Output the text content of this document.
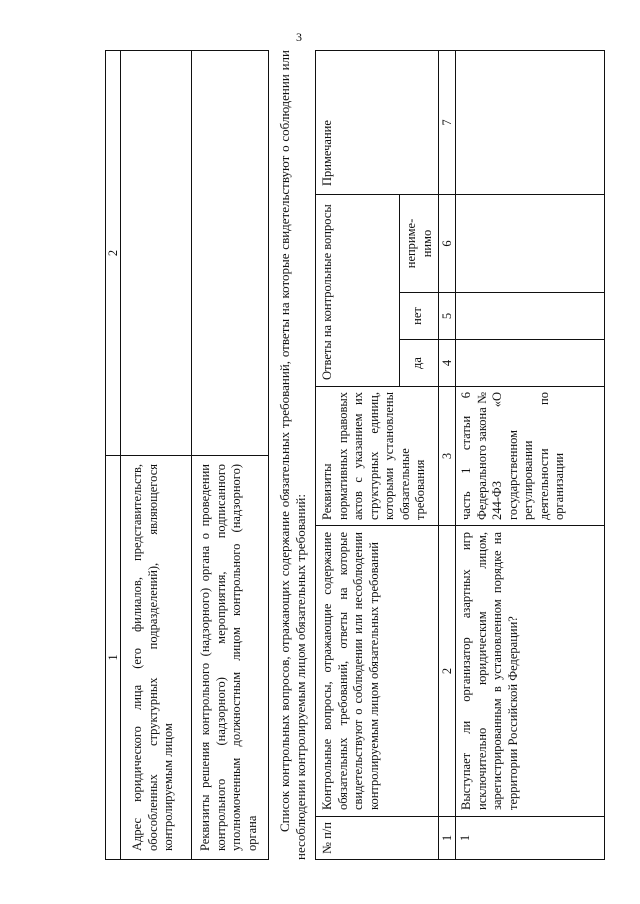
3
1
2
Адрес юридического лица (его филиалов, представительств, обособленных структурных подразделений), являющегося контролируемым лицом	Реквизиты решения контрольного (надзорного) органа о проведении контрольного (надзорного) мероприятия, подписанного уполномоченным должностным лицом контрольного (надзорного) органа
Список контрольных вопросов, отражающих содержание обязательных требований, ответы на которые свидетельствуют о соблюдении или несоблюдении контролируемым лицом обязательных требований: № п/п
Контрольные вопросы, отражающие содержание обязательных требований, ответы на которые свидетельствуют о соблюдении или несоблюдении контролируемым лицом обязательных требований
Реквизиты нормативных правовых актов с указанием их структурных единиц, которыми установлены обязательные требования
Ответы на контрольные вопросы	да
нет
неприме- нимо
Примечание
1
2
3
4
5
6
7
1
Выступает ли организатор азартных игр исключительно юридическим лицом, зарегистрированным в установленном порядке на территории Российской Федерации?
часть 1 статьи 6 Федерального закона № 244-ФЗ «О государственном регулировании деятельности по организации
